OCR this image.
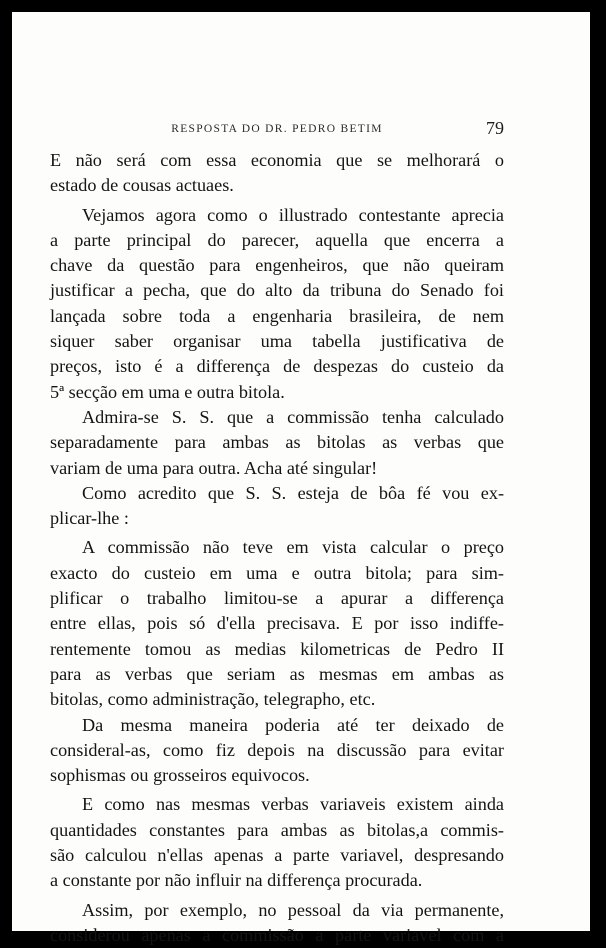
RESPOSTA DO DR. PEDRO BETIM	79
E não será com essa economia que se melhorará o
estado de cousas actuaes.
Vejamos agora como o illustrado contestante aprecia
a parte principal do parecer, aquella que encerra a
chave da questão para engenheiros, que não queiram
justificar a pecha, que do alto da tribuna do Senado foi
lançada sobre toda a engenharia brasileira, de nem
siquer saber organisar uma tabella justificativa de
preços, isto é a differença de despezas do custeio da
5ª secção em uma e outra bitola.
Admira-se S. S. que a commissão tenha calculado
separadamente para ambas as bitolas as verbas que
variam de uma para outra. Acha até singular!
Como acredito que S. S. esteja de bôa fé vou ex-
plicar-lhe :
A commissão não teve em vista calcular o preço
exacto do custeio em uma e outra bitola; para sim-
plificar o trabalho limitou-se a apurar a differença
entre ellas, pois só d'ella precisava. E por isso indiffe-
rentemente tomou as medias kilometricas de Pedro II
para as verbas que seriam as mesmas em ambas as
bitolas, como administração, telegrapho, etc.
Da mesma maneira poderia até ter deixado de
consideral-as, como fiz depois na discussão para evitar
sophismas ou grosseiros equivocos.
E como nas mesmas verbas variaveis existem ainda
quantidades constantes para ambas as bitolas,a commis-
são calculou n'ellas apenas a parte variavel, despresando
a constante por não influir na differença procurada.
Assim, por exemplo, no pessoal da via permanente,
considerou apenas a commissão a parte variavel com a
